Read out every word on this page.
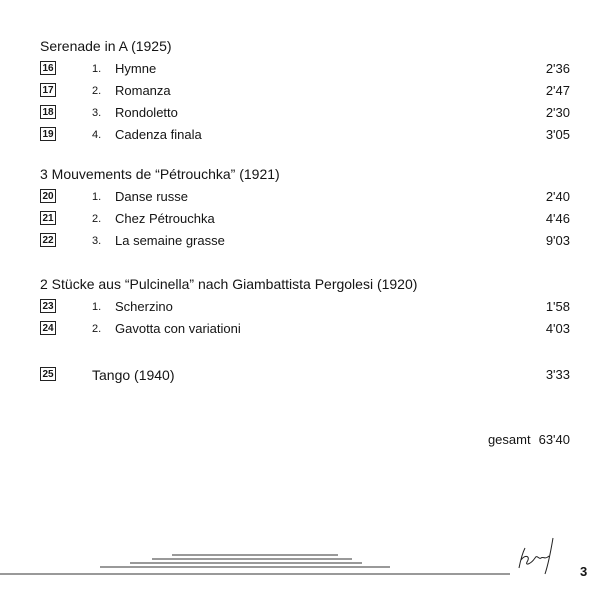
Serenade in A (1925)
16	1. Hymne	2'36
17	2. Romanza	2'47
18	3. Rondoletto	2'30
19	4. Cadenza finala	3'05
3 Mouvements de “Pétrouchka” (1921)
20	1. Danse russe	2'40
21	2. Chez Pétrouchka	4'46
22	3. La semaine grasse	9'03
2 Stücke aus “Pulcinella” nach Giambattista Pergolesi (1920)
23	1. Scherzino	1'58
24	2. Gavotta con variationi	4'03
25	Tango (1940)	3'33
gesamt 63'40
3
